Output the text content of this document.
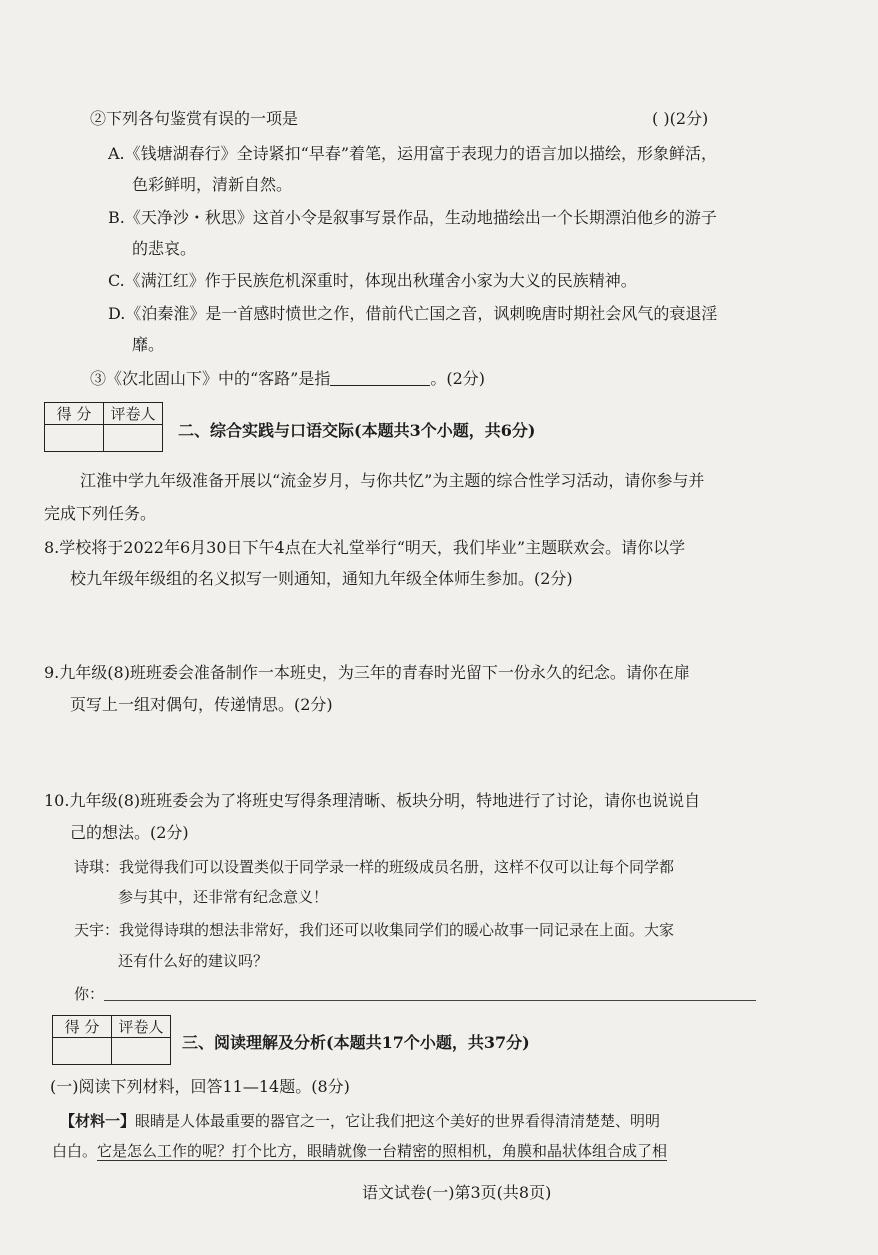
②下列各句鉴赏有误的一项是	( )(2分)
A.《钱塘湖春行》全诗紧扣“早春”着笔，运用富于表现力的语言加以描绘，形象鲜活，
色彩鲜明，清新自然。
B.《天净沙・秋思》这首小令是叙事写景作品，生动地描绘出一个长期漂泊他乡的游子
的悲哀。
C.《满江红》作于民族危机深重时，体现出秋瑾舍小家为大义的民族精神。
D.《泊秦淮》是一首感时愤世之作，借前代亡国之音，讽刺晚唐时期社会风气的衰退淫
靡。
③《次北固山下》中的“客路”是指	。(2分)
得 分	评卷人

二、综合实践与口语交际(本题共3个小题，共6分)
江淮中学九年级准备开展以“流金岁月，与你共忆”为主题的综合性学习活动，请你参与并
完成下列任务。
8.学校将于2022年6月30日下午4点在大礼堂举行“明天，我们毕业”主题联欢会。请你以学
校九年级年级组的名义拟写一则通知，通知九年级全体师生参加。(2分)
9.九年级(8)班班委会准备制作一本班史，为三年的青春时光留下一份永久的纪念。请你在扉
页写上一组对偶句，传递情思。(2分)
10.九年级(8)班班委会为了将班史写得条理清晰、板块分明，特地进行了讨论，请你也说说自
己的想法。(2分)
诗琪：我觉得我们可以设置类似于同学录一样的班级成员名册，这样不仅可以让每个同学都
参与其中，还非常有纪念意义！
天宇：我觉得诗琪的想法非常好，我们还可以收集同学们的暖心故事一同记录在上面。大家
还有什么好的建议吗？
你：
得 分	评卷人

三、阅读理解及分析(本题共17个小题，共37分)
(一)阅读下列材料，回答11—14题。(8分)
【材料一】眼睛是人体最重要的器官之一，它让我们把这个美好的世界看得清清楚楚、明明
白白。它是怎么工作的呢？打个比方，眼睛就像一台精密的照相机，角膜和晶状体组合成了相
语文试卷(一)第3页(共8页)
